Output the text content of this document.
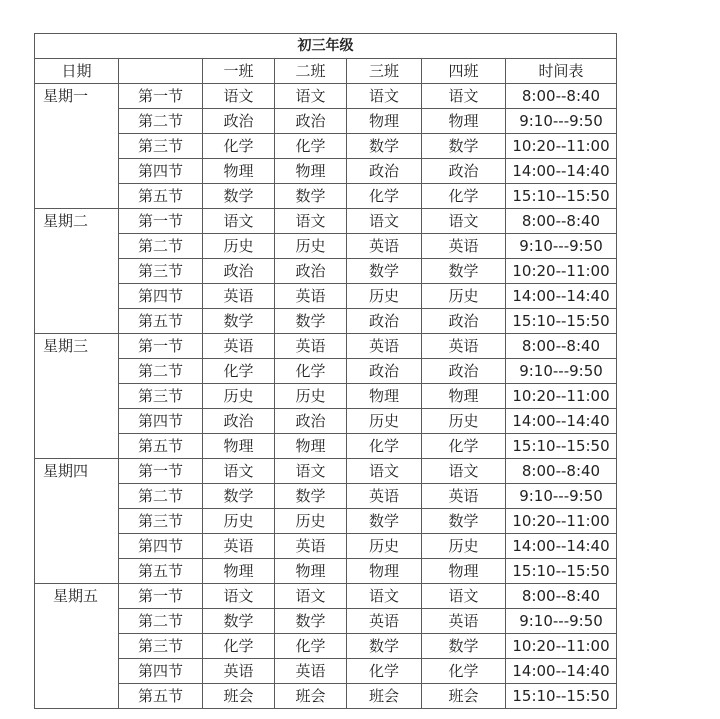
初三年级						
日期		一班	二班	三班	四班	时间表
星期一	第一节	语文	语文	语文	语文	8:00--8:40
	第二节	政治	政治	物理	物理	9:10---9:50
	第三节	化学	化学	数学	数学	10:20--11:00
	第四节	物理	物理	政治	政治	14:00--14:40
	第五节	数学	数学	化学	化学	15:10--15:50
星期二	第一节	语文	语文	语文	语文	8:00--8:40
	第二节	历史	历史	英语	英语	9:10---9:50
	第三节	政治	政治	数学	数学	10:20--11:00
	第四节	英语	英语	历史	历史	14:00--14:40
	第五节	数学	数学	政治	政治	15:10--15:50
星期三	第一节	英语	英语	英语	英语	8:00--8:40
	第二节	化学	化学	政治	政治	9:10---9:50
	第三节	历史	历史	物理	物理	10:20--11:00
	第四节	政治	政治	历史	历史	14:00--14:40
	第五节	物理	物理	化学	化学	15:10--15:50
星期四	第一节	语文	语文	语文	语文	8:00--8:40
	第二节	数学	数学	英语	英语	9:10---9:50
	第三节	历史	历史	数学	数学	10:20--11:00
	第四节	英语	英语	历史	历史	14:00--14:40
	第五节	物理	物理	物理	物理	15:10--15:50
星期五	第一节	语文	语文	语文	语文	8:00--8:40
	第二节	数学	数学	英语	英语	9:10---9:50
	第三节	化学	化学	数学	数学	10:20--11:00
	第四节	英语	英语	化学	化学	14:00--14:40
	第五节	班会	班会	班会	班会	15:10--15:50
